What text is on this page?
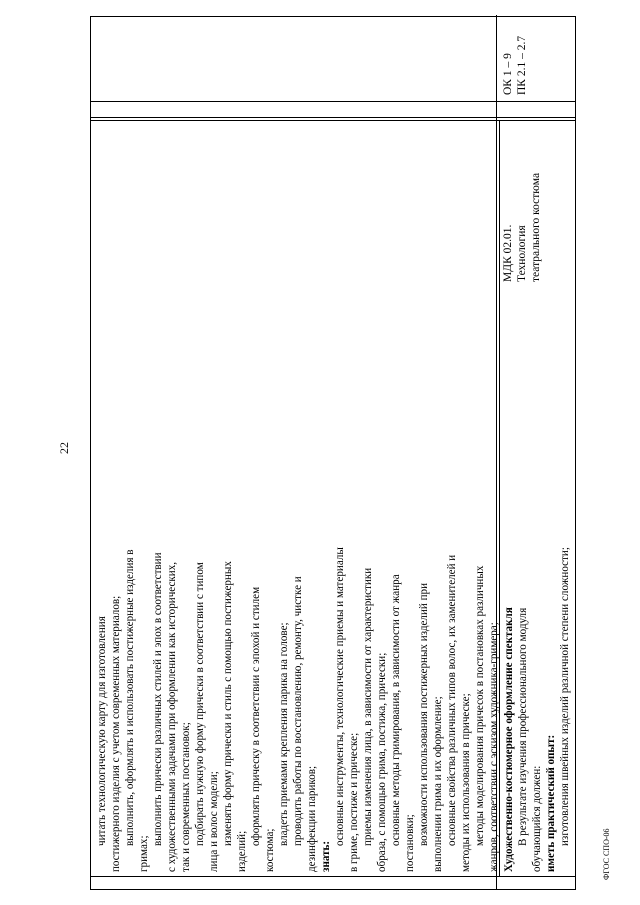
22
читать технологическую карту для изготовления постижерного изделия с учетом современных материалов; выполнить, оформлять и использовать постижерные изделия в
гримах;
выполнить прически различных стилей и эпох в соответствии с художественными задачами при оформлении как исторических, так и современных постановок; подбирать нужную форму прически в соответствии с типом лица и волос модели; изменять форму прически и стиль с помощью постижерных
изделий;
оформлять прическу в соответствии с эпохой и стилем
костюма;
владеть приемами крепления парика на голове; проводить работы по восстановлению, ремонту, чистке и дезинфекции париков; знать:
основные инструменты, технологические приемы и материалы в гриме, постиже и прическе; приемы изменения лица, в зависимости от характеристики образа, с помощью грима, постижа, прически; основные методы гримирования, в зависимости от жанра постановки; возможности использования постижерных изделий при выполнении грима и их оформление; основные свойства различных типов волос, их заменителей и методы их использования в прическе; методы моделирования причесок в постановках различных жанров, соответствии с эскизом художника-гримера; Художественно-костюмерное оформление спектакля В результате изучения профессионального модуля обучающийся должен: иметь практический опыт: изготовления швейных изделий различной степени сложности;
МДК 02.01. Технология театрального костюма
ОК 1 – 9 ПК 2.1 – 2.7
ФГОС СПО-06
